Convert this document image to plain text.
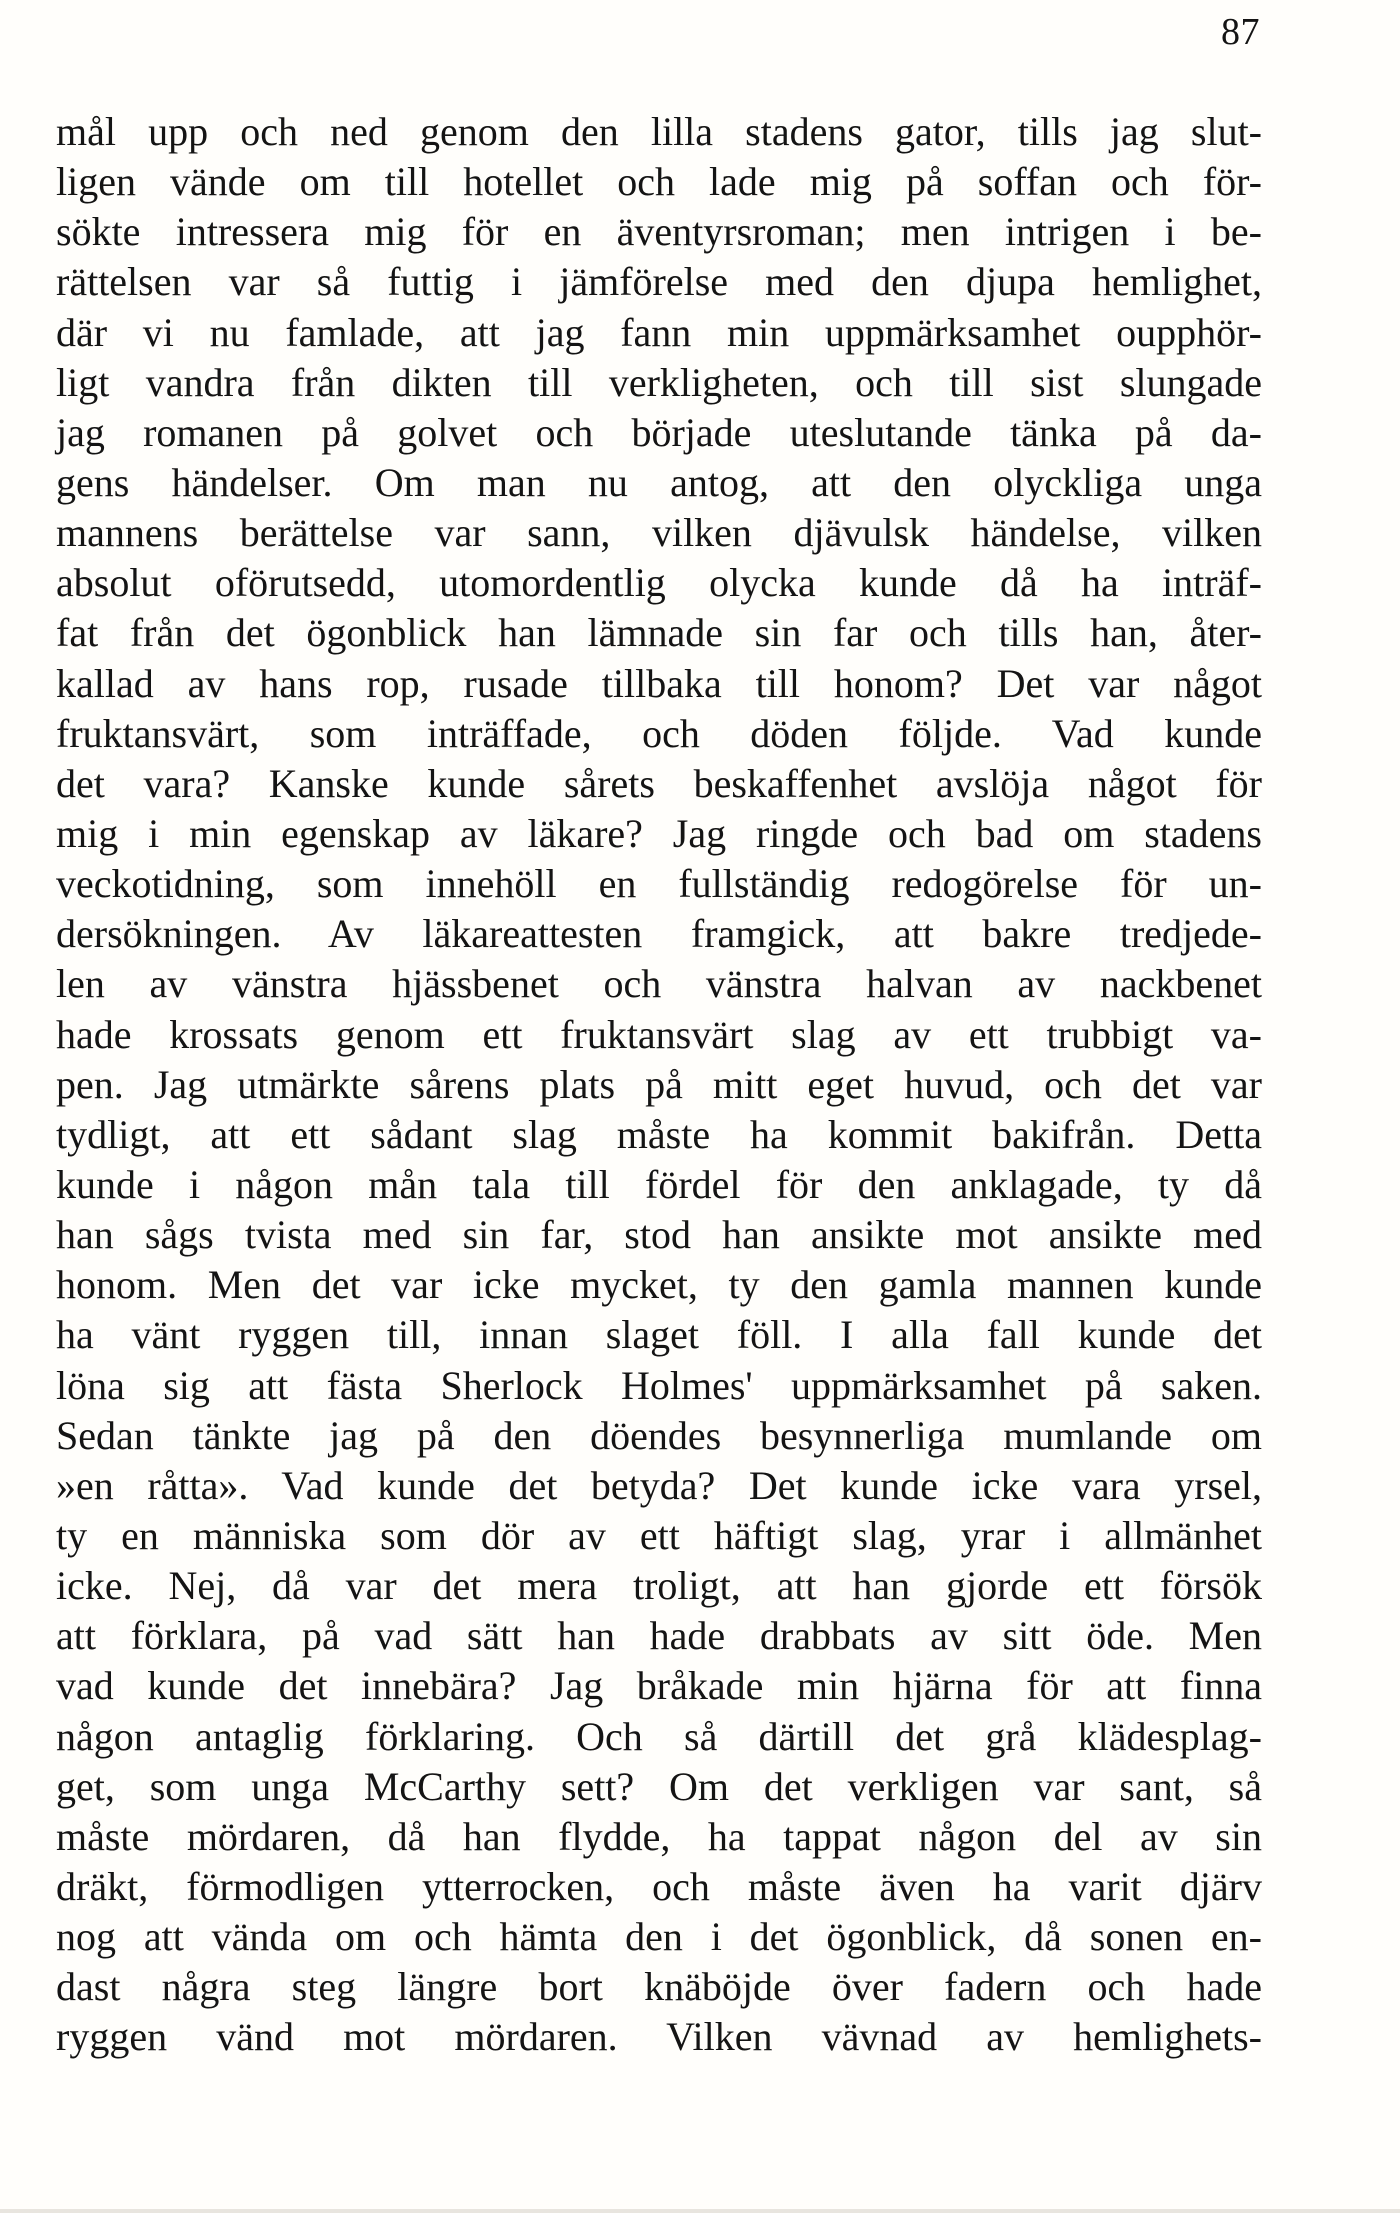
87
mål upp och ned genom den lilla stadens gator, tills jag slut-
ligen vände om till hotellet och lade mig på soffan och för-
sökte intressera mig för en äventyrsroman; men intrigen i be-
rättelsen var så futtig i jämförelse med den djupa hemlighet,
där vi nu famlade, att jag fann min uppmärksamhet oupphör-
ligt vandra från dikten till verkligheten, och till sist slungade
jag romanen på golvet och började uteslutande tänka på da-
gens händelser. Om man nu antog, att den olyckliga unga
mannens berättelse var sann, vilken djävulsk händelse, vilken
absolut oförutsedd, utomordentlig olycka kunde då ha inträf-
fat från det ögonblick han lämnade sin far och tills han, åter-
kallad av hans rop, rusade tillbaka till honom? Det var något
fruktansvärt, som inträffade, och döden följde. Vad kunde
det vara? Kanske kunde sårets beskaffenhet avslöja något för
mig i min egenskap av läkare? Jag ringde och bad om stadens
veckotidning, som innehöll en fullständig redogörelse för un-
dersökningen. Av läkareattesten framgick, att bakre tredjede-
len av vänstra hjässbenet och vänstra halvan av nackbenet
hade krossats genom ett fruktansvärt slag av ett trubbigt va-
pen. Jag utmärkte sårens plats på mitt eget huvud, och det var
tydligt, att ett sådant slag måste ha kommit bakifrån. Detta
kunde i någon mån tala till fördel för den anklagade, ty då
han sågs tvista med sin far, stod han ansikte mot ansikte med
honom. Men det var icke mycket, ty den gamla mannen kunde
ha vänt ryggen till, innan slaget föll. I alla fall kunde det
löna sig att fästa Sherlock Holmes' uppmärksamhet på saken.
Sedan tänkte jag på den döendes besynnerliga mumlande om
»en råtta». Vad kunde det betyda? Det kunde icke vara yrsel,
ty en människa som dör av ett häftigt slag, yrar i allmänhet
icke. Nej, då var det mera troligt, att han gjorde ett försök
att förklara, på vad sätt han hade drabbats av sitt öde. Men
vad kunde det innebära? Jag bråkade min hjärna för att finna
någon antaglig förklaring. Och så därtill det grå klädesplag-
get, som unga McCarthy sett? Om det verkligen var sant, så
måste mördaren, då han flydde, ha tappat någon del av sin
dräkt, förmodligen ytterrocken, och måste även ha varit djärv
nog att vända om och hämta den i det ögonblick, då sonen en-
dast några steg längre bort knäböjde över fadern och hade
ryggen vänd mot mördaren. Vilken vävnad av hemlighets-
